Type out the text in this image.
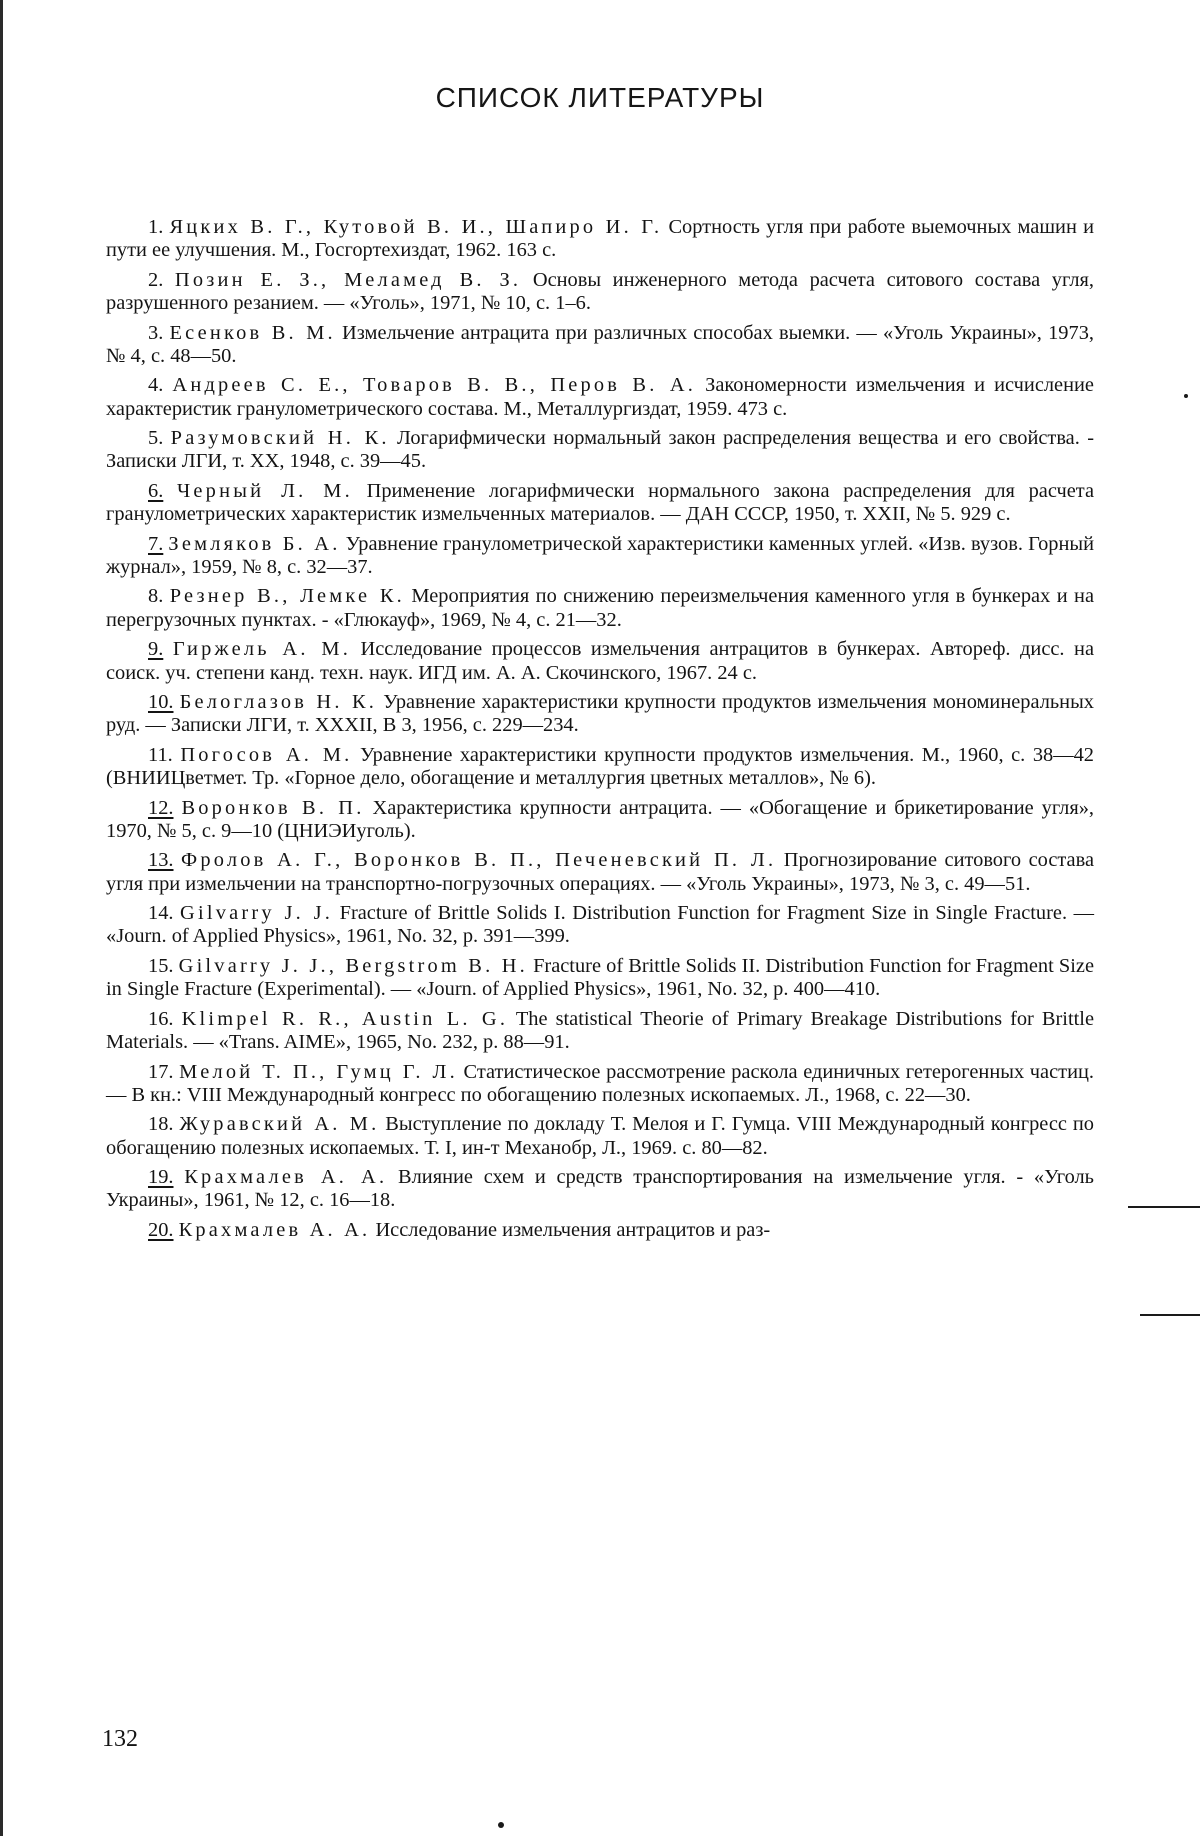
СПИСОК ЛИТЕРАТУРЫ

1. Яцких В. Г., Кутовой В. И., Шапиро И. Г. Сортность угля при работе выемочных машин и пути ее улучшения. М., Госгортехиздат, 1962. 163 с.

2. Позин Е. З., Меламед В. З. Основы инженерного метода расчета ситового состава угля, разрушенного резанием. — «Уголь», 1971, № 10, с. 1–6.

3. Есенков В. М. Измельчение антрацита при различных способах выемки. — «Уголь Украины», 1973, № 4, с. 48—50.

4. Андреев С. Е., Товаров В. В., Перов В. А. Закономерности измельчения и исчисление характеристик гранулометрического состава. М., Металлургиздат, 1959. 473 с.

5. Разумовский Н. К. Логарифмически нормальный закон распределения вещества и его свойства. - Записки ЛГИ, т. XX, 1948, с. 39—45.

6. Черный Л. М. Применение логарифмически нормального закона распределения для расчета гранулометрических характеристик измельченных материалов. — ДАН СССР, 1950, т. XXII, № 5. 929 с.

7. Земляков Б. А. Уравнение гранулометрической характеристики каменных углей. «Изв. вузов. Горный журнал», 1959, № 8, с. 32—37.

8. Резнер В., Лемке К. Мероприятия по снижению переизмельчения каменного угля в бункерах и на перегрузочных пунктах. - «Глюкауф», 1969, № 4, с. 21—32.

9. Гиржель А. М. Исследование процессов измельчения антрацитов в бункерах. Автореф. дисс. на соиск. уч. степени канд. техн. наук. ИГД им. А. А. Скочинского, 1967. 24 с.

10. Белоглазов Н. К. Уравнение характеристики крупности продуктов измельчения мономинеральных руд. — Записки ЛГИ, т. XXXII, В 3, 1956, с. 229—234.

11. Погосов А. М. Уравнение характеристики крупности продуктов измельчения. М., 1960, с. 38—42 (ВНИИЦветмет. Тр. «Горное дело, обогащение и металлургия цветных металлов», № 6).

12. Воронков В. П. Характеристика крупности антрацита. — «Обогащение и брикетирование угля», 1970, № 5, с. 9—10 (ЦНИЭИуголь).

13. Фролов А. Г., Воронков В. П., Печеневский П. Л. Прогнозирование ситового состава угля при измельчении на транспортно-погрузочных операциях. — «Уголь Украины», 1973, № 3, с. 49—51.

14. Gilvarry J. J. Fracture of Brittle Solids I. Distribution Function for Fragment Size in Single Fracture. — «Journ. of Applied Physics», 1961, No. 32, p. 391—399.

15. Gilvarry J. J., Bergstrom B. H. Fracture of Brittle Solids II. Distribution Function for Fragment Size in Single Fracture (Experimental). — «Journ. of Applied Physics», 1961, No. 32, p. 400—410.

16. Klimpel R. R., Austin L. G. The statistical Theorie of Primary Breakage Distributions for Brittle Materials. — «Trans. AIME», 1965, No. 232, p. 88—91.

17. Мелой Т. П., Гумц Г. Л. Статистическое рассмотрение раскола единичных гетерогенных частиц. — В кн.: VIII Международный конгресс по обогащению полезных ископаемых. Л., 1968, с. 22—30.

18. Журавский А. М. Выступление по докладу Т. Мелоя и Г. Гумца. VIII Международный конгресс по обогащению полезных ископаемых. Т. I, ин-т Механобр, Л., 1969. с. 80—82.

19. Крахмалев А. А. Влияние схем и средств транспортирования на измельчение угля. - «Уголь Украины», 1961, № 12, с. 16—18.

20. Крахмалев А. А. Исследование измельчения антрацитов и раз-

132
